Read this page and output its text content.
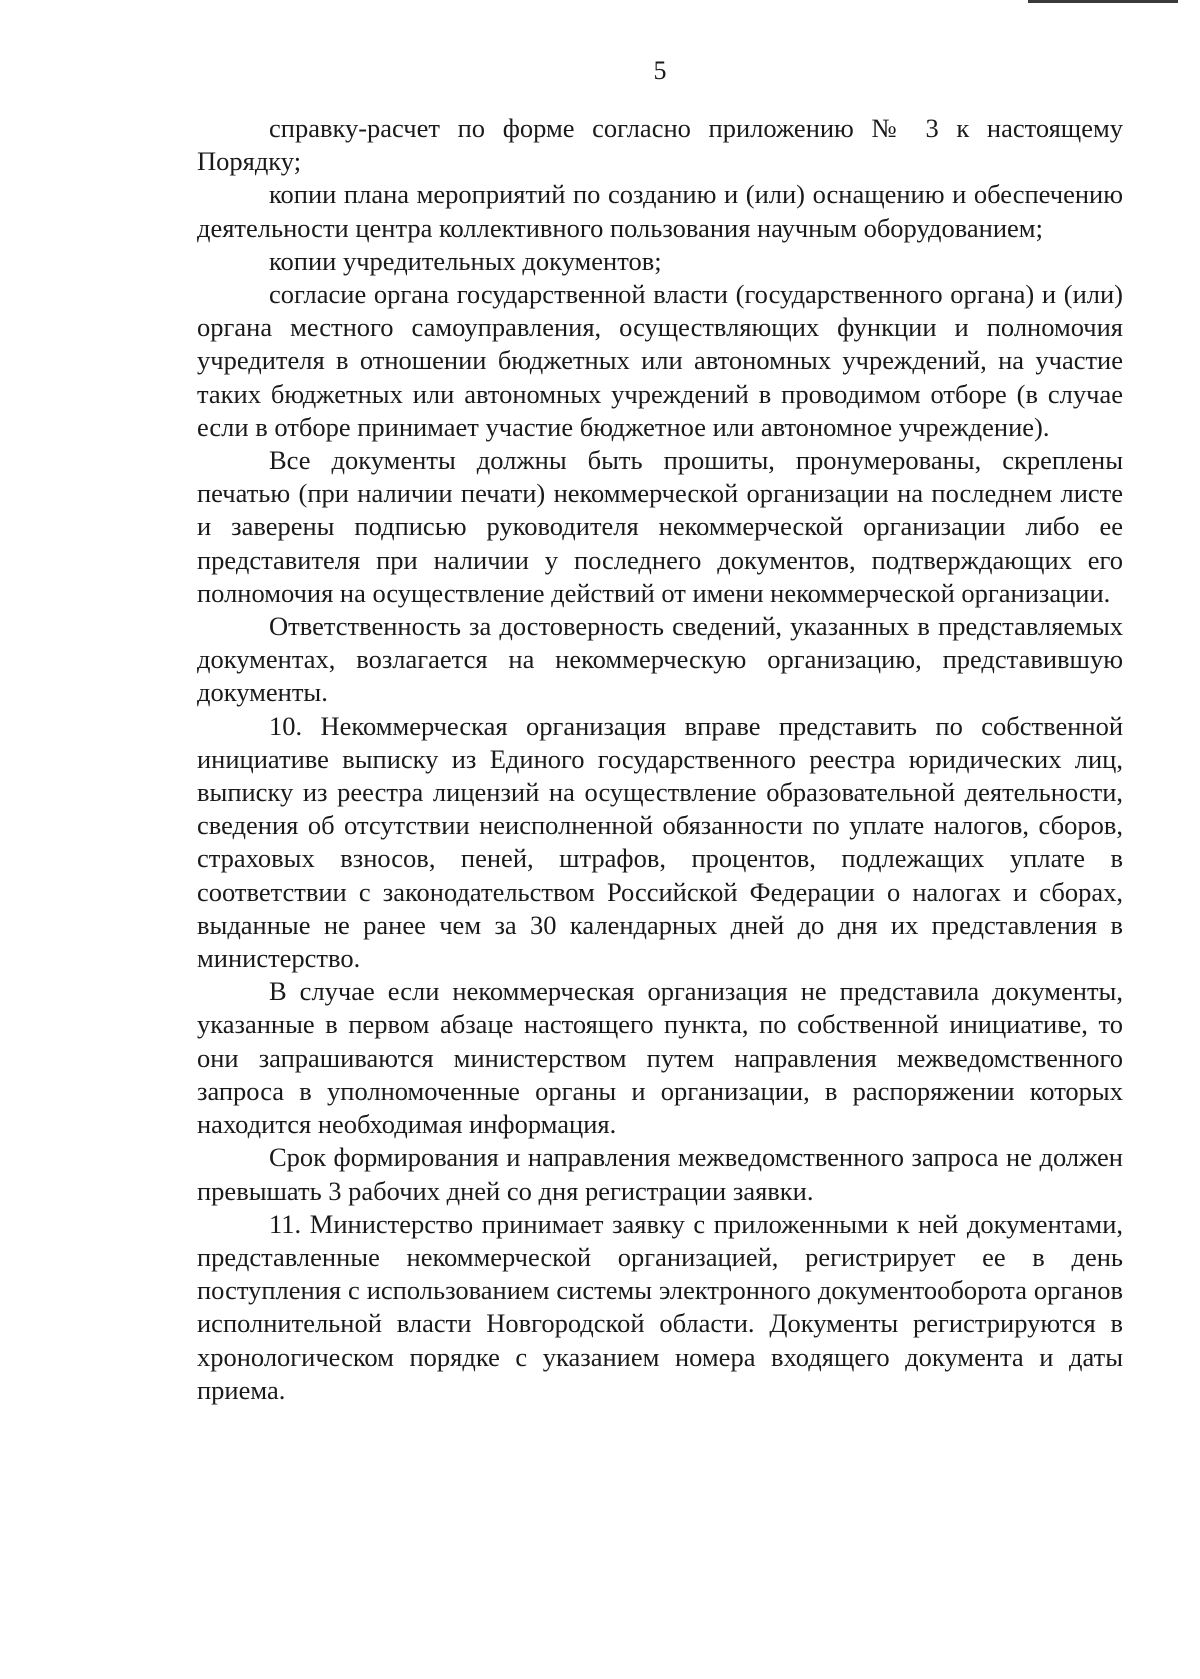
5

справку-расчет по форме согласно приложению № 3 к настоящему Порядку;

копии плана мероприятий по созданию и (или) оснащению и обеспечению деятельности центра коллективного пользования научным оборудованием;

копии учредительных документов;

согласие органа государственной власти (государственного органа) и (или) органа местного самоуправления, осуществляющих функции и полномочия учредителя в отношении бюджетных или автономных учреждений, на участие таких бюджетных или автономных учреждений в проводимом отборе (в случае если в отборе принимает участие бюджетное или автономное учреждение).

Все документы должны быть прошиты, пронумерованы, скреплены печатью (при наличии печати) некоммерческой организации на последнем листе и заверены подписью руководителя некоммерческой организации либо ее представителя при наличии у последнего документов, подтверждающих его полномочия на осуществление действий от имени некоммерческой организации.

Ответственность за достоверность сведений, указанных в представляемых документах, возлагается на некоммерческую организацию, представившую документы.

10. Некоммерческая организация вправе представить по собственной инициативе выписку из Единого государственного реестра юридических лиц, выписку из реестра лицензий на осуществление образовательной деятельности, сведения об отсутствии неисполненной обязанности по уплате налогов, сборов, страховых взносов, пеней, штрафов, процентов, подлежащих уплате в соответствии с законодательством Российской Федерации о налогах и сборах, выданные не ранее чем за 30 календарных дней до дня их представления в министерство.

В случае если некоммерческая организация не представила документы, указанные в первом абзаце настоящего пункта, по собственной инициативе, то они запрашиваются министерством путем направления межведомственного запроса в уполномоченные органы и организации, в распоряжении которых находится необходимая информация.

Срок формирования и направления межведомственного запроса не должен превышать 3 рабочих дней со дня регистрации заявки.

11. Министерство принимает заявку с приложенными к ней документами, представленные некоммерческой организацией, регистрирует ее в день поступления с использованием системы электронного документооборота органов исполнительной власти Новгородской области. Документы регистрируются в хронологическом порядке с указанием номера входящего документа и даты приема.
